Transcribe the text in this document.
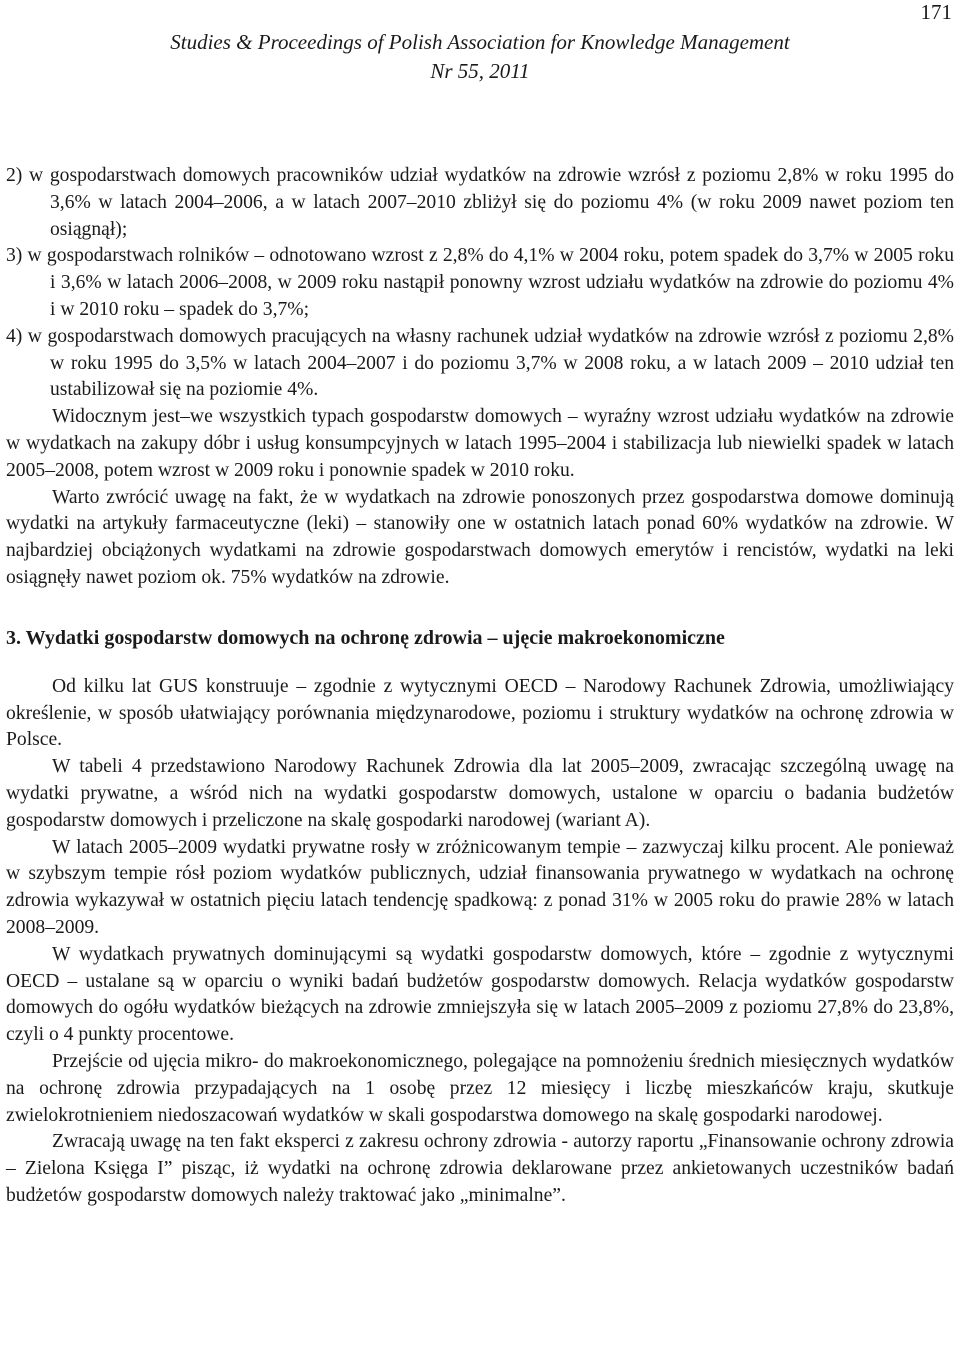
171
Studies & Proceedings of Polish Association for Knowledge Management
Nr 55, 2011

2) w gospodarstwach domowych pracowników udział wydatków na zdrowie wzrósł z poziomu 2,8% w roku 1995 do 3,6% w latach 2004–2006, a w latach 2007–2010 zbliżył się do poziomu 4% (w roku 2009 nawet poziom ten osiągnął);

3) w gospodarstwach rolników – odnotowano wzrost z 2,8% do 4,1% w 2004 roku, potem spadek do 3,7% w 2005 roku i 3,6% w latach 2006–2008, w 2009 roku nastąpił ponowny wzrost udziału wydatków na zdrowie do poziomu 4% i w 2010 roku – spadek do 3,7%;

4) w gospodarstwach domowych pracujących na własny rachunek udział wydatków na zdrowie wzrósł z poziomu 2,8% w roku 1995 do 3,5% w latach 2004–2007 i do poziomu 3,7% w 2008 roku, a w latach 2009 – 2010 udział ten ustabilizował się na poziomie 4%.

Widocznym jest–we wszystkich typach gospodarstw domowych – wyraźny wzrost udziału wydatków na zdrowie w wydatkach na zakupy dóbr i usług konsumpcyjnych w latach 1995–2004 i stabilizacja lub niewielki spadek w latach 2005–2008, potem wzrost w 2009 roku i ponownie spadek w 2010 roku.

Warto zwrócić uwagę na fakt, że w wydatkach na zdrowie ponoszonych przez gospodarstwa domowe dominują wydatki na artykuły farmaceutyczne (leki) – stanowiły one w ostatnich latach ponad 60% wydatków na zdrowie. W najbardziej obciążonych wydatkami na zdrowie gospodarstwach domowych emerytów i rencistów, wydatki na leki osiągnęły nawet poziom ok. 75% wydatków na zdrowie.

3. Wydatki gospodarstw domowych na ochronę zdrowia – ujęcie makroekonomiczne

Od kilku lat GUS konstruuje – zgodnie z wytycznymi OECD – Narodowy Rachunek Zdrowia, umożliwiający określenie, w sposób ułatwiający porównania międzynarodowe, poziomu i struktury wydatków na ochronę zdrowia w Polsce.

W tabeli 4 przedstawiono Narodowy Rachunek Zdrowia dla lat 2005–2009, zwracając szczególną uwagę na wydatki prywatne, a wśród nich na wydatki gospodarstw domowych, ustalone w oparciu o badania budżetów gospodarstw domowych i przeliczone na skalę gospodarki narodowej (wariant A).

W latach 2005–2009 wydatki prywatne rosły w zróżnicowanym tempie – zazwyczaj kilku procent. Ale ponieważ w szybszym tempie rósł poziom wydatków publicznych, udział finansowania prywatnego w wydatkach na ochronę zdrowia wykazywał w ostatnich pięciu latach tendencję spadkową: z ponad 31% w 2005 roku do prawie 28% w latach 2008–2009.

W wydatkach prywatnych dominującymi są wydatki gospodarstw domowych, które – zgodnie z wytycznymi OECD – ustalane są w oparciu o wyniki badań budżetów gospodarstw domowych. Relacja wydatków gospodarstw domowych do ogółu wydatków bieżących na zdrowie zmniejszyła się w latach 2005–2009 z poziomu 27,8% do 23,8%, czyli o 4 punkty procentowe.

Przejście od ujęcia mikro- do makroekonomicznego, polegające na pomnożeniu średnich miesięcznych wydatków na ochronę zdrowia przypadających na 1 osobę przez 12 miesięcy i liczbę mieszkańców kraju, skutkuje zwielokrotnieniem niedoszacowań wydatków w skali gospodarstwa domowego na skalę gospodarki narodowej.

Zwracają uwagę na ten fakt eksperci z zakresu ochrony zdrowia - autorzy raportu „Finansowanie ochrony zdrowia – Zielona Księga I” pisząc, iż wydatki na ochronę zdrowia deklarowane przez ankietowanych uczestników badań budżetów gospodarstw domowych należy traktować jako „minimalne”.
